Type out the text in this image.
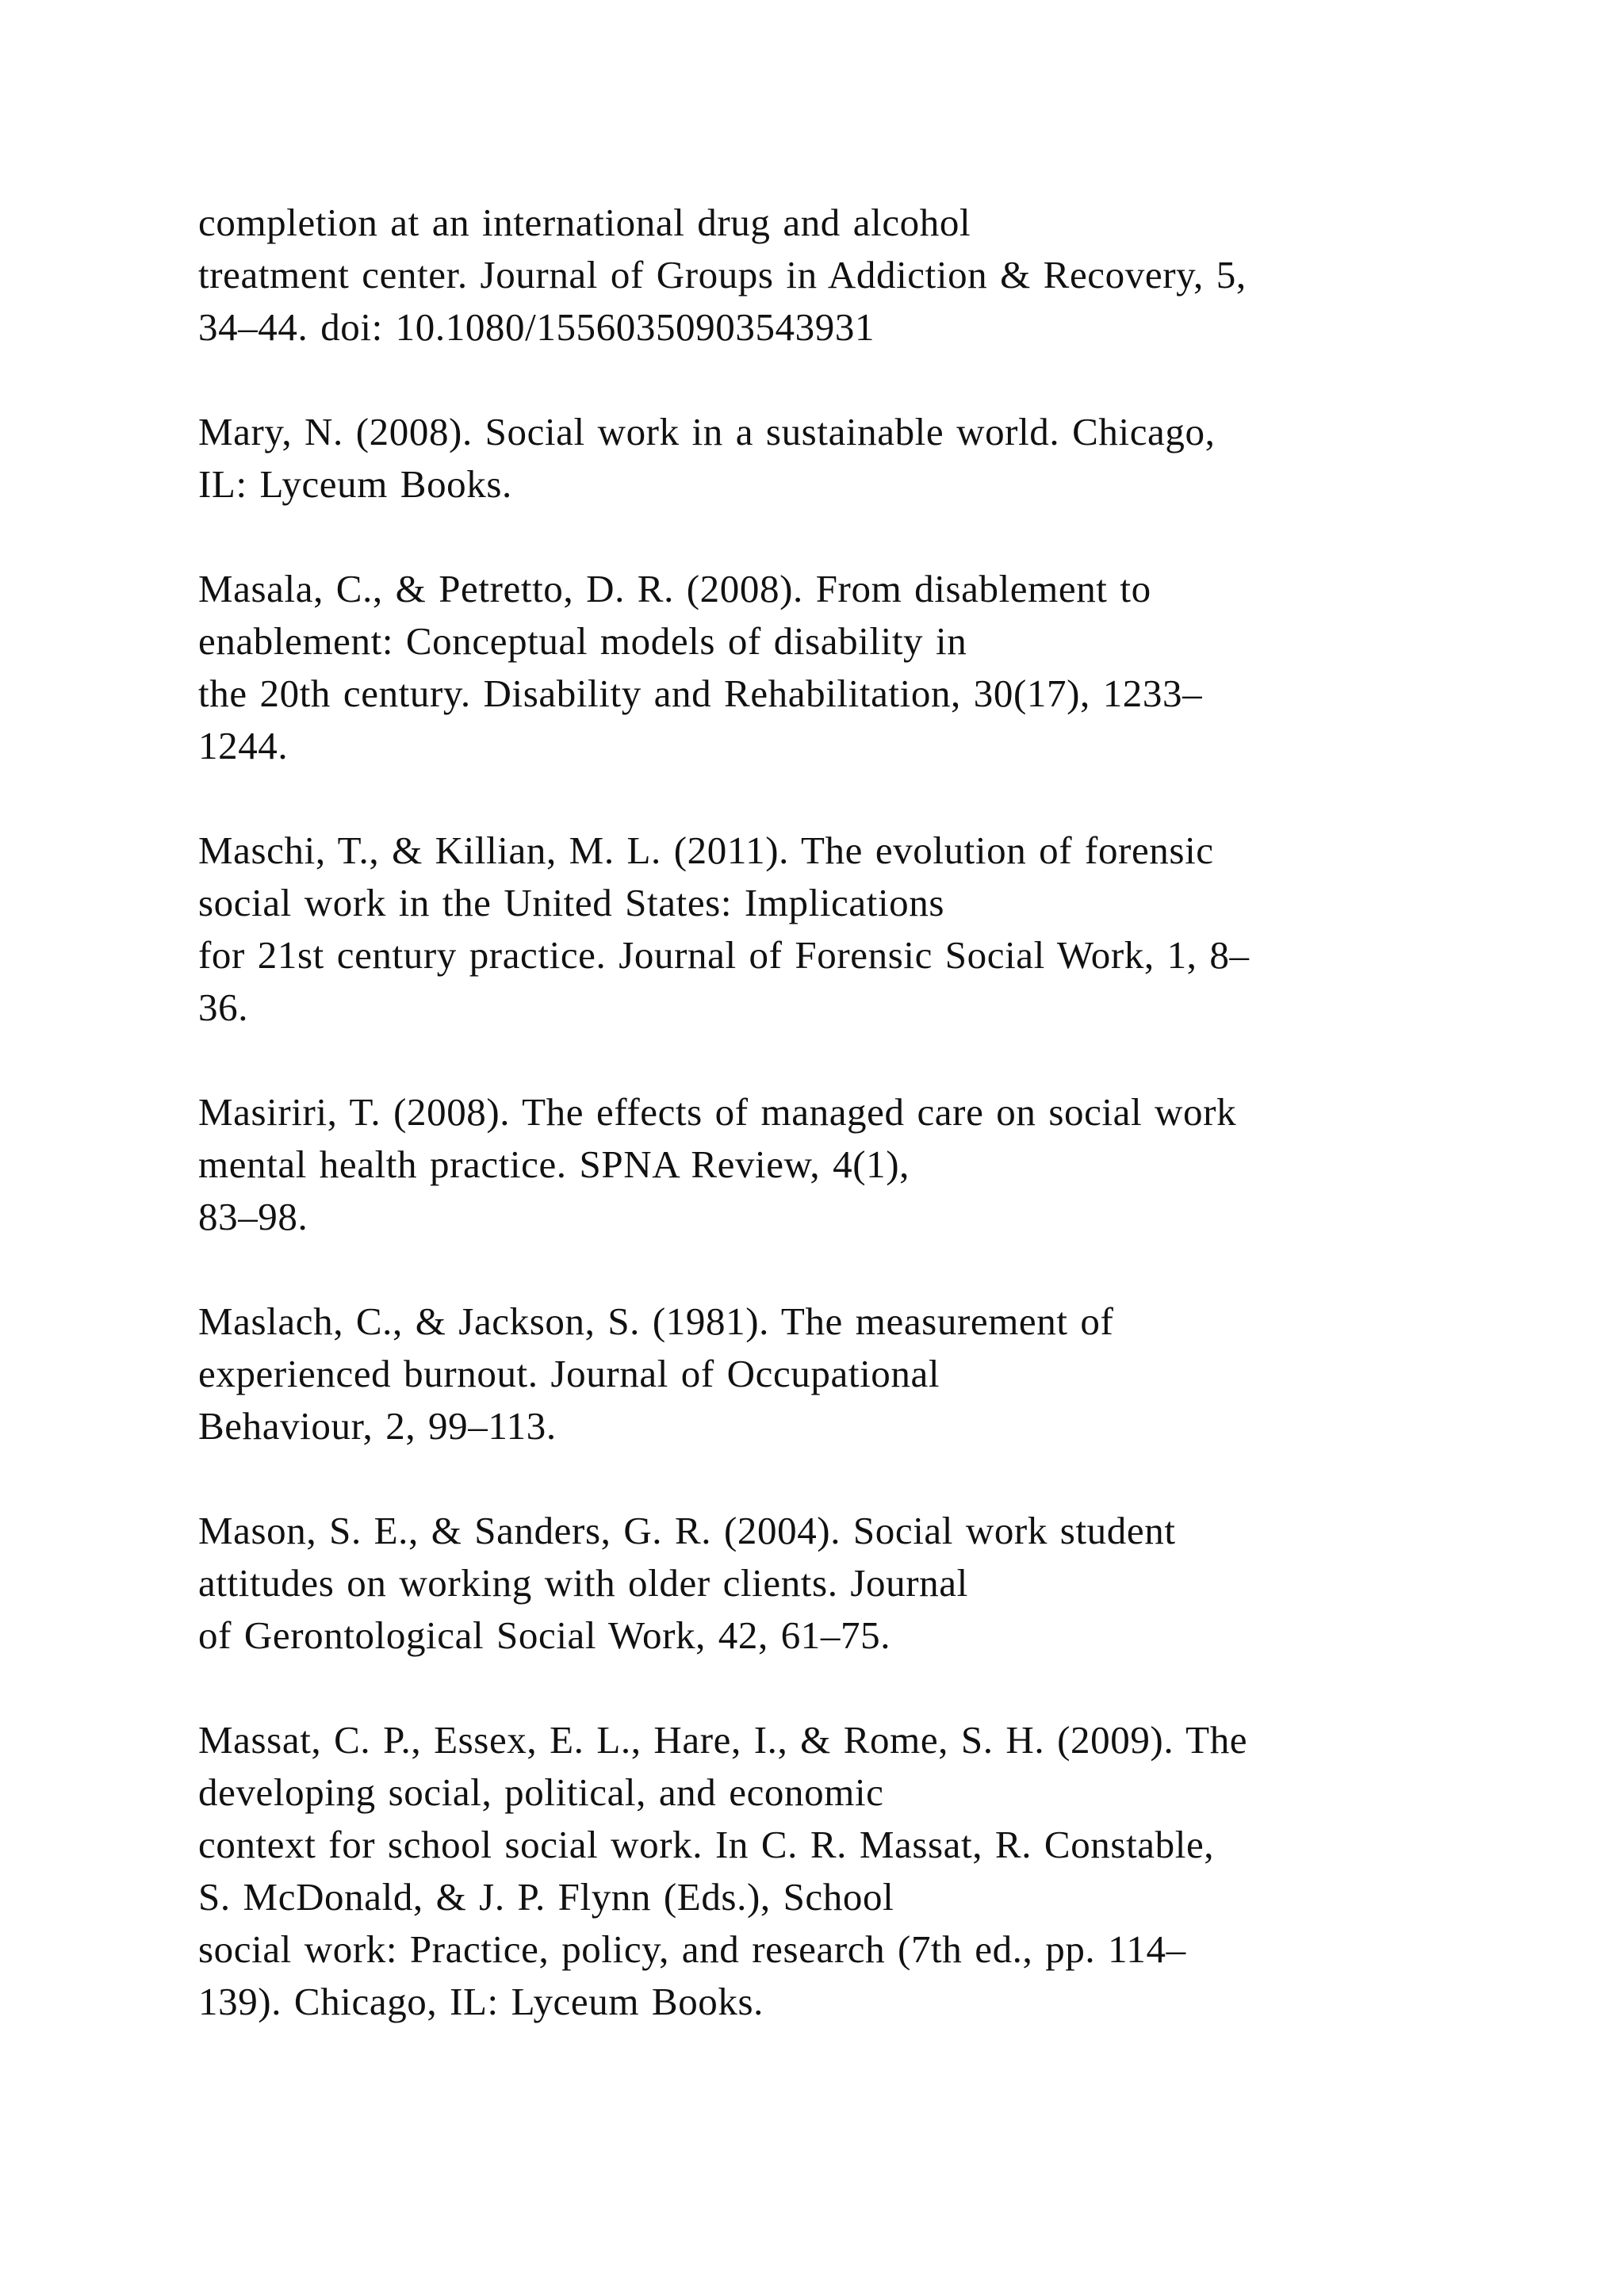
completion at an international drug and alcohol
treatment center. Journal of Groups in Addiction & Recovery, 5,
34–44. doi: 10.1080/15560350903543931
Mary, N. (2008). Social work in a sustainable world. Chicago,
IL: Lyceum Books.
Masala, C., & Petretto, D. R. (2008). From disablement to
enablement: Conceptual models of disability in
the 20th century. Disability and Rehabilitation, 30(17), 1233–
1244.
Maschi, T., & Killian, M. L. (2011). The evolution of forensic
social work in the United States: Implications
for 21st century practice. Journal of Forensic Social Work, 1, 8–
36.
Masiriri, T. (2008). The effects of managed care on social work
mental health practice. SPNA Review, 4(1),
83–98.
Maslach, C., & Jackson, S. (1981). The measurement of
experienced burnout. Journal of Occupational
Behaviour, 2, 99–113.
Mason, S. E., & Sanders, G. R. (2004). Social work student
attitudes on working with older clients. Journal
of Gerontological Social Work, 42, 61–75.
Massat, C. P., Essex, E. L., Hare, I., & Rome, S. H. (2009). The
developing social, political, and economic
context for school social work. In C. R. Massat, R. Constable,
S. McDonald, & J. P. Flynn (Eds.), School
social work: Practice, policy, and research (7th ed., pp. 114–
139). Chicago, IL: Lyceum Books.
